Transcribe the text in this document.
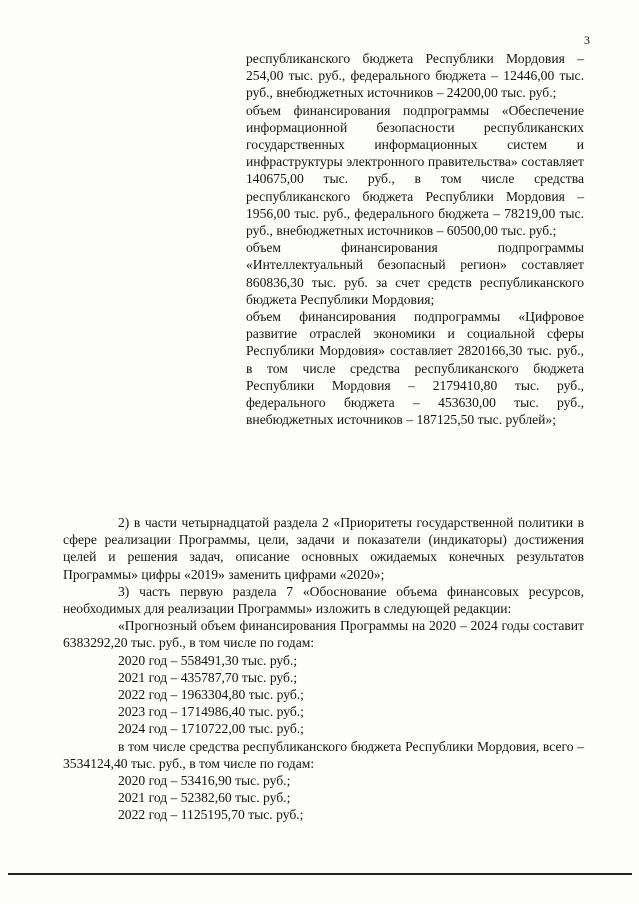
3

республиканского бюджета Республики Мордовия – 254,00 тыс. руб., федерального бюджета – 12446,00 тыс. руб., внебюджетных источников – 24200,00 тыс. руб.;

объем финансирования подпрограммы «Обеспечение информационной безопасности республиканских государственных информационных систем и инфраструктуры электронного правительства» составляет 140675,00 тыс. руб., в том числе средства республиканского бюджета Республики Мордовия – 1956,00 тыс. руб., федерального бюджета – 78219,00 тыс. руб., внебюджетных источников – 60500,00 тыс. руб.;

объем финансирования подпрограммы «Интеллектуальный безопасный регион» составляет 860836,30 тыс. руб. за счет средств республиканского бюджета Республики Мордовия;

объем финансирования подпрограммы «Цифровое развитие отраслей экономики и социальной сферы Республики Мордовия» составляет 2820166,30 тыс. руб., в том числе средства республиканского бюджета Республики Мордовия – 2179410,80 тыс. руб., федерального бюджета – 453630,00 тыс. руб., внебюджетных источников – 187125,50 тыс. рублей»;

2) в части четырнадцатой раздела 2 «Приоритеты государственной политики в сфере реализации Программы, цели, задачи и показатели (индикаторы) достижения целей и решения задач, описание основных ожидаемых конечных результатов Программы» цифры «2019» заменить цифрами «2020»;

3) часть первую раздела 7 «Обоснование объема финансовых ресурсов, необходимых для реализации Программы» изложить в следующей редакции:

«Прогнозный объем финансирования Программы на 2020 – 2024 годы составит 6383292,20 тыс. руб., в том числе по годам:

2020 год – 558491,30 тыс. руб.;

2021 год – 435787,70 тыс. руб.;

2022 год – 1963304,80 тыс. руб.;

2023 год – 1714986,40 тыс. руб.;

2024 год – 1710722,00 тыс. руб.;

в том числе средства республиканского бюджета Республики Мордовия, всего – 3534124,40 тыс. руб., в том числе по годам:

2020 год – 53416,90 тыс. руб.;

2021 год – 52382,60 тыс. руб.;

2022 год – 1125195,70 тыс. руб.;
